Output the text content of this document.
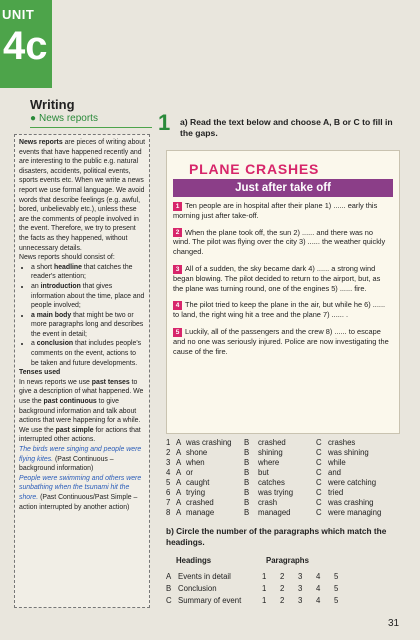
UNIT
4c
Writing
● News reports

News reports are pieces of writing about events that have happened recently and are interesting to the public e.g. natural disasters, accidents, political events, sports events etc. When we write a news report we use formal language. We avoid words that describe feelings (e.g. awful, bored, unbelievably etc.), unless these are the comments of people involved in the event. Therefore, we try to present the facts as they happened, without unnecessary details.

News reports should consist of:

• a short headline that catches the reader's attention;
• an introduction that gives information about the time, place and people involved;
• a main body that might be two or more paragraphs long and describes the event in detail;
• a conclusion that includes people's comments on the event, actions to be taken and future developments.

Tenses used

In news reports we use past tenses to give a description of what happened. We use the past continuous to give background information and talk about actions that were happening for a while. We use the past simple for actions that interrupted other actions.

The birds were singing and people were flying kites. (Past Continuous – background information)

People were swimming and others were sunbathing when the tsunami hit the shore. (Past Continuous/Past Simple – action interrupted by another action)

1 a) Read the text below and choose A, B or C to fill in the gaps.
PLANE CRASHES
Just after take off
1 Ten people are in hospital after their plane 1) ...... early this morning just after take-off.
2 When the plane took off, the sun 2) ...... and there was no wind. The pilot was flying over the city 3) ...... the weather quickly changed.
3 All of a sudden, the sky became dark 4) ...... a strong wind began blowing. The pilot decided to return to the airport, but, as the plane was turning round, one of the engines 5) ...... fire.
4 The pilot tried to keep the plane in the air, but while he 6) ...... to land, the right wing hit a tree and the plane 7) ...... .
5 Luckily, all of the passengers and the crew 8) ...... to escape and no one was seriously injured. Police are now investigating the cause of the fire.
1 A was crashing B crashed	C crashes
2 A shone	B shining	C was shining
3 A when	B where	C while
4 A or	B but	C and
5 A caught	B catches	C were catching
6 A trying	B was trying	C tried
7 A crashed	B crash	C was crashing
8 A manage	B managed	C were managing
b) Circle the number of the paragraphs which match the headings.
Headings	Paragraphs
A Events in detail	1 2 3 4 5
B Conclusion	1 2 3 4 5
C Summary of event	1 2 3 4 5
31
